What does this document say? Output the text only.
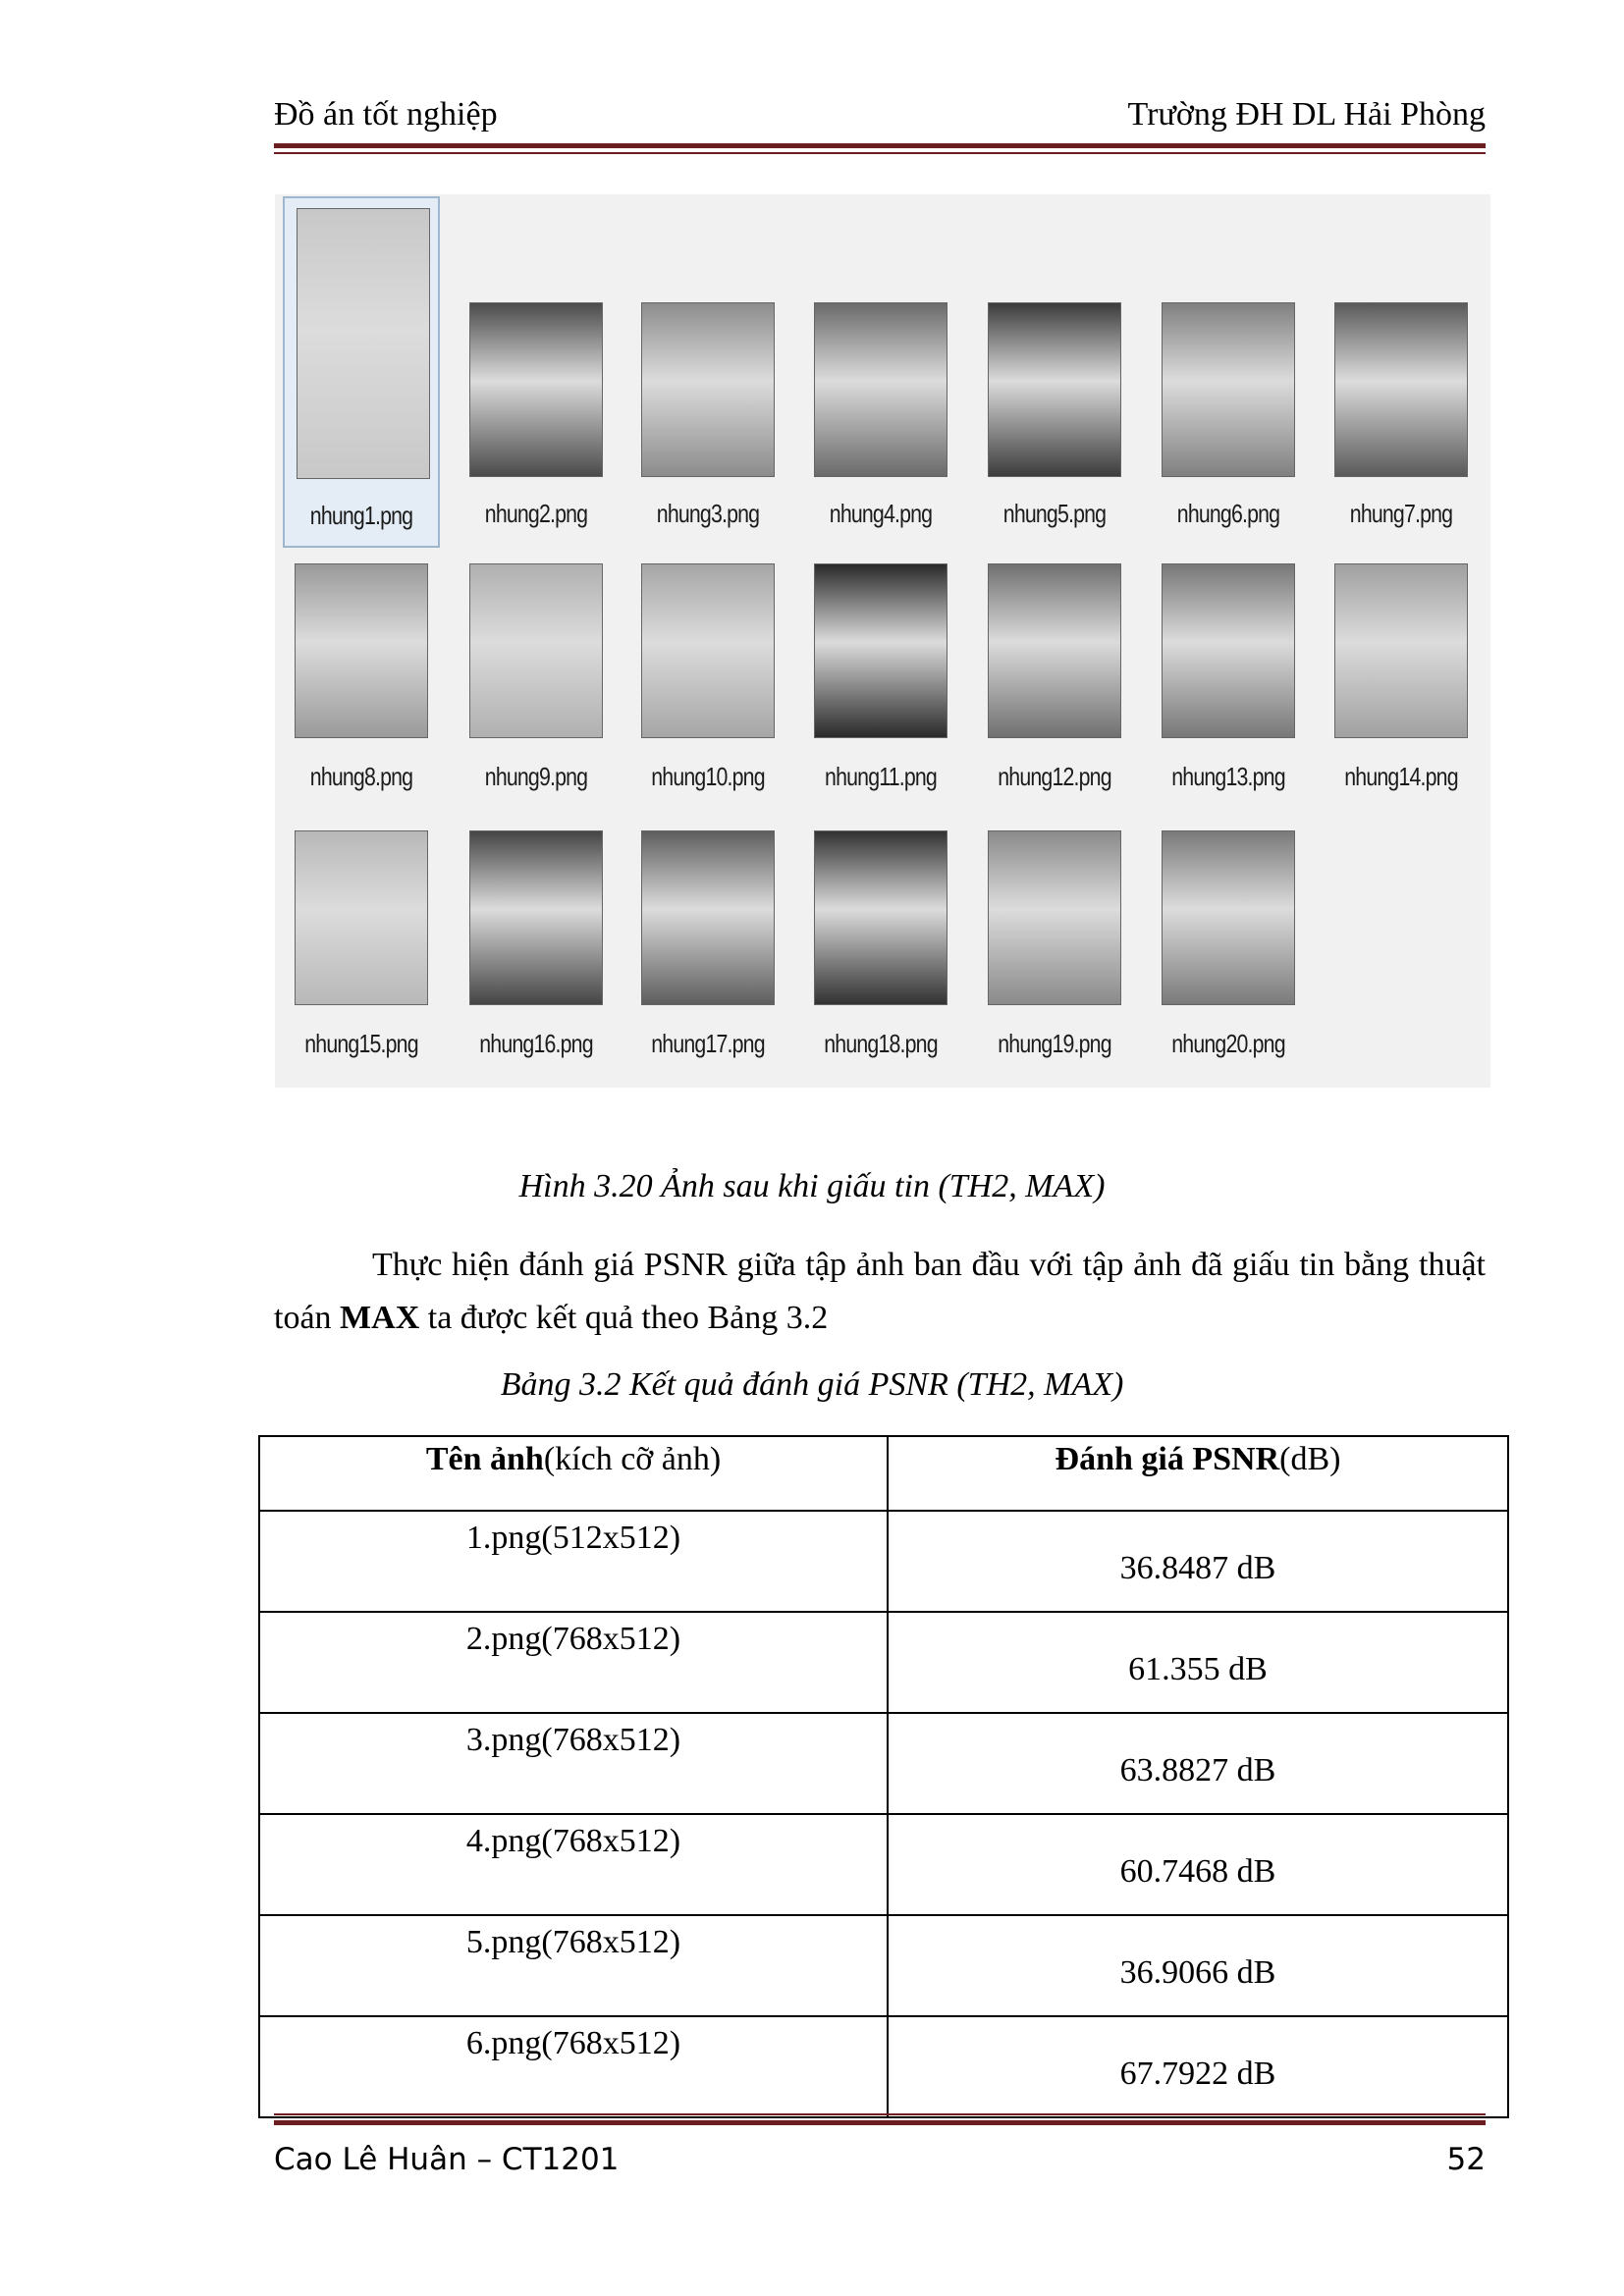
Đồ án tốt nghiệp	Trường ĐH DL Hải Phòng
nhung1.png	nhung2.png	nhung3.png	nhung4.png	nhung5.png	nhung6.png	nhung7.png
nhung8.png	nhung9.png	nhung10.png	nhung11.png	nhung12.png	nhung13.png	nhung14.png
nhung15.png	nhung16.png	nhung17.png	nhung18.png	nhung19.png	nhung20.png
Hình 3.20 Ảnh sau khi giấu tin (TH2, MAX)
Thực hiện đánh giá PSNR giữa tập ảnh ban đầu với tập ảnh đã giấu tin bằng thuật toán MAX ta được kết quả theo Bảng 3.2
Bảng 3.2 Kết quả đánh giá PSNR (TH2, MAX)
Tên ảnh(kích cỡ ảnh)	Đánh giá PSNR(dB)
1.png(512x512)	36.8487 dB
2.png(768x512)	61.355 dB
3.png(768x512)	63.8827 dB
4.png(768x512)	60.7468 dB
5.png(768x512)	36.9066 dB
6.png(768x512)	67.7922 dB
Cao Lê Huân – CT1201	52
